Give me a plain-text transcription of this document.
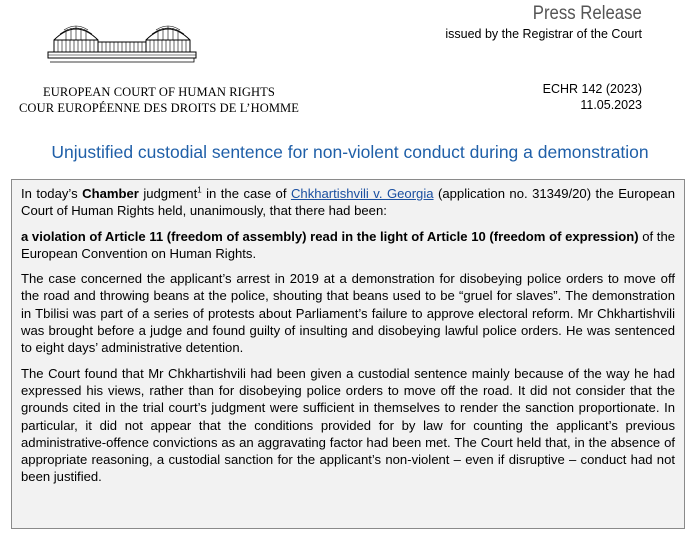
EUROPEAN COURT OF HUMAN RIGHTS
COUR EUROPÉENNE DES DROITS DE L’HOMME
Press Release
issued by the Registrar of the Court
ECHR 142 (2023)
11.05.2023
Unjustified custodial sentence for non-violent conduct during a demonstration

In today’s Chamber judgment$^1$ in the case of Chkhartishvili v. Georgia (application no. 31349/20) the European Court of Human Rights held, unanimously, that there had been:

a violation of Article 11 (freedom of assembly) read in the light of Article 10 (freedom of expression) of the European Convention on Human Rights.

The case concerned the applicant’s arrest in 2019 at a demonstration for disobeying police orders to move off the road and throwing beans at the police, shouting that beans used to be “gruel for slaves”. The demonstration in Tbilisi was part of a series of protests about Parliament’s failure to approve electoral reform. Mr Chkhartishvili was brought before a judge and found guilty of insulting and disobeying lawful police orders. He was sentenced to eight days’ administrative detention.

The Court found that Mr Chkhartishvili had been given a custodial sentence mainly because of the way he had expressed his views, rather than for disobeying police orders to move off the road. It did not consider that the grounds cited in the trial court’s judgment were sufficient in themselves to render the sanction proportionate. In particular, it did not appear that the conditions provided for by law for counting the applicant’s previous administrative-offence convictions as an aggravating factor had been met. The Court held that, in the absence of appropriate reasoning, a custodial sanction for the applicant’s non-violent – even if disruptive – conduct had not been justified.
